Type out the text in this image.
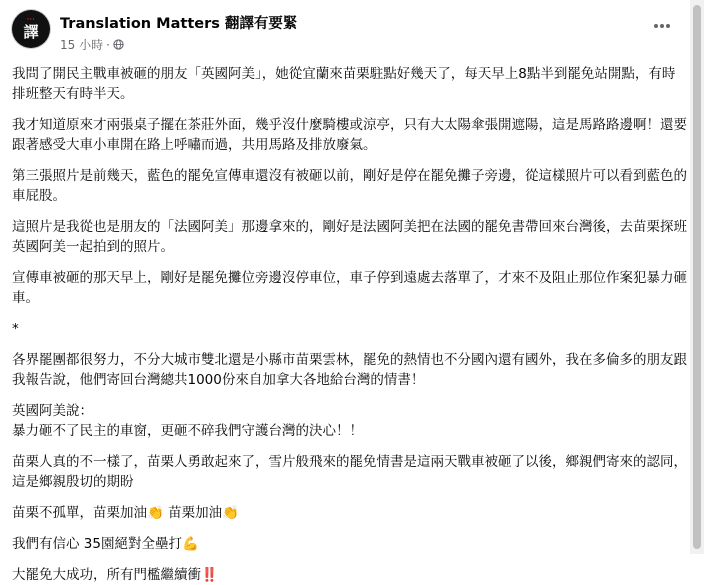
···
譯 Translation Matters 翻譯有要緊
15 小時 ·

我問了開民主戰車被砸的朋友「英國阿美」，她從宜蘭來苗栗駐點好幾天了，每天早上8點半到罷免站開點，有時排班整天有時半天。

我才知道原來才兩張桌子擺在茶莊外面，幾乎沒什麼騎樓或涼亭，只有大太陽傘張開遮陽，這是馬路路邊啊！還要跟著感受大車小車開在路上呼嘯而過，共用馬路及排放廢氣。

第三張照片是前幾天，藍色的罷免宣傳車還沒有被砸以前，剛好是停在罷免攤子旁邊，從這樣照片可以看到藍色的車屁股。

這照片是我從也是朋友的「法國阿美」那邊拿來的，剛好是法國阿美把在法國的罷免書帶回來台灣後，去苗栗探班英國阿美一起拍到的照片。

宣傳車被砸的那天早上，剛好是罷免攤位旁邊沒停車位，車子停到遠處去落單了，才來不及阻止那位作案犯暴力砸車。

*

各界罷團都很努力，不分大城市雙北還是小縣市苗栗雲林，罷免的熱情也不分國內還有國外，我在多倫多的朋友跟我報告說，他們寄回台灣總共1000份來自加拿大各地給台灣的情書！

英國阿美說：

暴力砸不了民主的車窗，更砸不碎我們守護台灣的決心！！

苗栗人真的不一樣了，苗栗人勇敢起來了，雪片般飛來的罷免情書是這兩天戰車被砸了以後，鄉親們寄來的認同，這是鄉親殷切的期盼

苗栗不孤單，苗栗加油👏 苗栗加油👏

我們有信心 35園絕對全壘打💪

大罷免大成功，所有門檻繼續衝‼️
